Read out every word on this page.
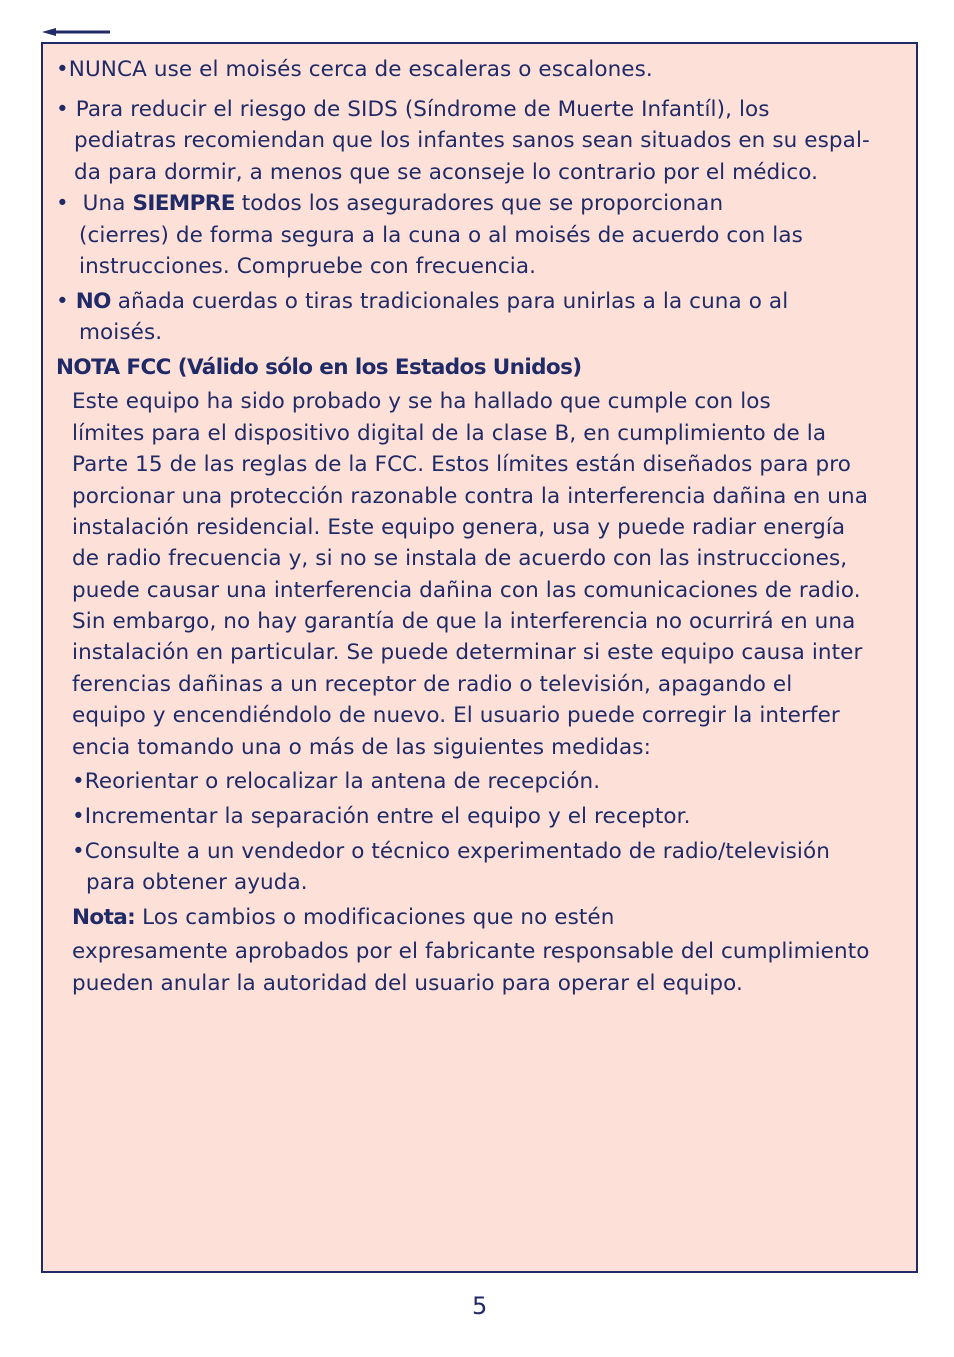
•NUNCA use el moisés cerca de escaleras o escalones.
• Para reducir el riesgo de SIDS (Síndrome de Muerte Infantíl), los
pediatras recomiendan que los infantes sanos sean situados en su espal-
da para dormir, a menos que se aconseje lo contrario por el médico.
•  Una SIEMPRE todos los aseguradores que se proporcionan
(cierres) de forma segura a la cuna o al moisés de acuerdo con las
instrucciones. Compruebe con frecuencia.
• NO añada cuerdas o tiras tradicionales para unirlas a la cuna o al
moisés.
NOTA FCC (Válido sólo en los Estados Unidos)
Este equipo ha sido probado y se ha hallado que cumple con los
límites para el dispositivo digital de la clase B, en cumplimiento de la
Parte 15 de las reglas de la FCC. Estos límites están diseñados para pro
porcionar una protección razonable contra la interferencia dañina en una
instalación residencial. Este equipo genera, usa y puede radiar energía
de radio frecuencia y, si no se instala de acuerdo con las instrucciones,
puede causar una interferencia dañina con las comunicaciones de radio.
Sin embargo, no hay garantía de que la interferencia no ocurrirá en una
instalación en particular. Se puede determinar si este equipo causa inter
ferencias dañinas a un receptor de radio o televisión, apagando el
equipo y encendiéndolo de nuevo. El usuario puede corregir la interfer
encia tomando una o más de las siguientes medidas:
•Reorientar o relocalizar la antena de recepción.
•Incrementar la separación entre el equipo y el receptor.
•Consulte a un vendedor o técnico experimentado de radio/televisión
para obtener ayuda.
Nota: Los cambios o modificaciones que no estén
expresamente aprobados por el fabricante responsable del cumplimiento
pueden anular la autoridad del usuario para operar el equipo.
5
